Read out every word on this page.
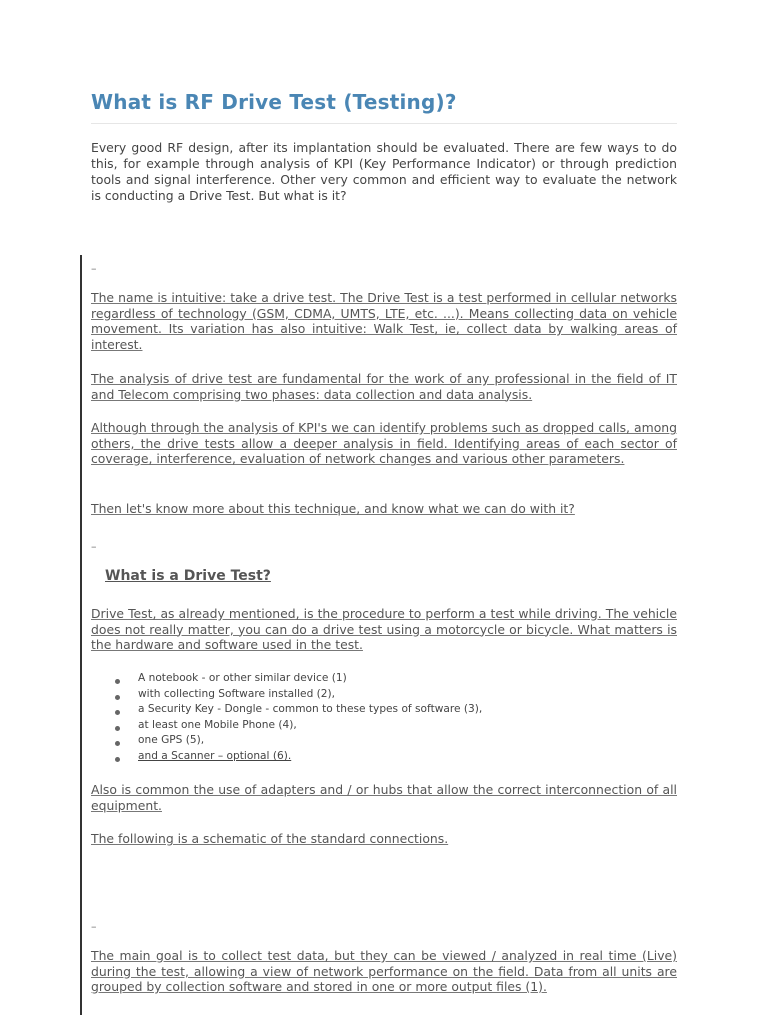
What is RF Drive Test (Testing)?

Every good RF design, after its implantation should be evaluated. There are few ways to do this, for example through analysis of KPI (Key Performance Indicator) or through prediction tools and signal interference. Other very common and efficient way to evaluate the network is conducting a Drive Test. But what is it?

–

The name is intuitive: take a drive test. The Drive Test is a test performed in cellular networks regardless of technology (GSM, CDMA, UMTS, LTE, etc. ...). Means collecting data on vehicle movement. Its variation has also intuitive: Walk Test, ie, collect data by walking areas of interest.

The analysis of drive test are fundamental for the work of any professional in the field of IT and Telecom comprising two phases: data collection and data analysis.

Although through the analysis of KPI's we can identify problems such as dropped calls, among others, the drive tests allow a deeper analysis in field. Identifying areas of each sector of coverage, interference, evaluation of network changes and various other parameters.

Then let's know more about this technique, and know what we can do with it?

–
What is a Drive Test?

Drive Test, as already mentioned, is the procedure to perform a test while driving. The vehicle does not really matter, you can do a drive test using a motorcycle or bicycle. What matters is the hardware and software used in the test.

A notebook - or other similar device (1)
with collecting Software installed (2),
a Security Key - Dongle - common to these types of software (3),
at least one Mobile Phone (4),
one GPS (5),
and a Scanner – optional (6).

Also is common the use of adapters and / or hubs that allow the correct interconnection of all equipment.

The following is a schematic of the standard connections.

–

The main goal is to collect test data, but they can be viewed / analyzed in real time (Live) during the test, allowing a view of network performance on the field. Data from all units are grouped by collection software and stored in one or more output files (1).
